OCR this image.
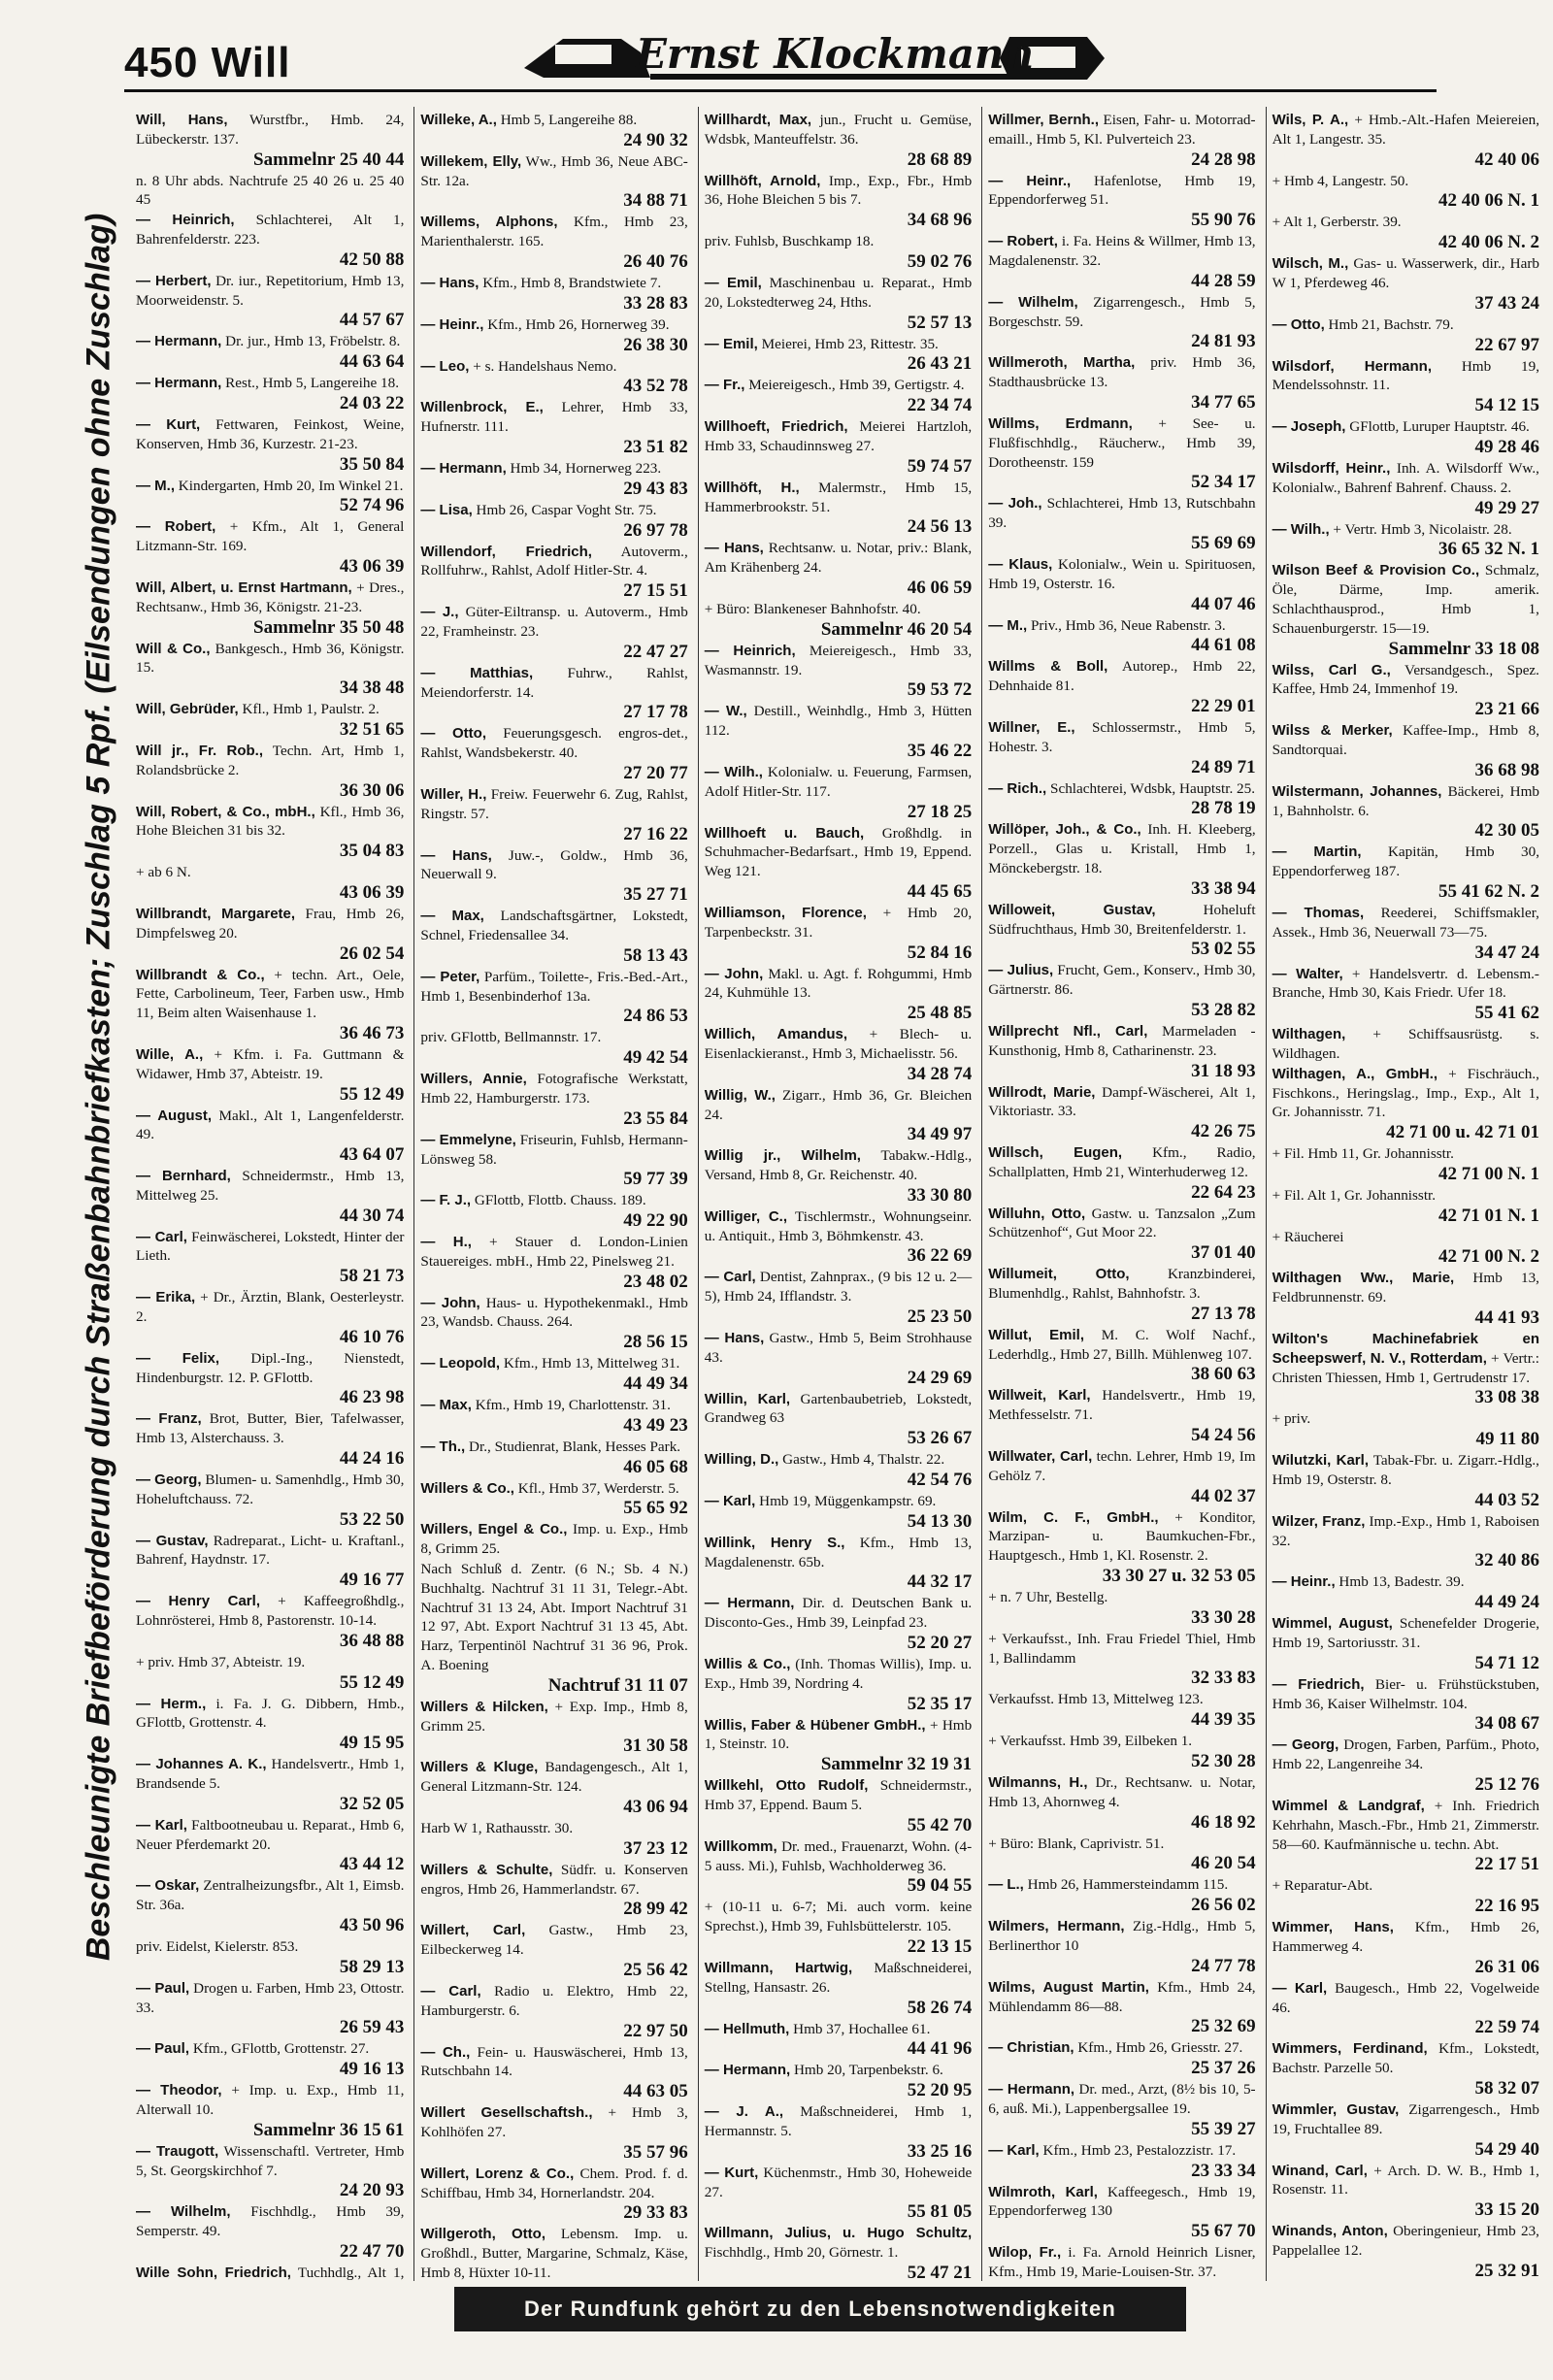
450 Will	Ernst Klockmann
Beschleunigte Briefbeförderung durch Straßenbahnbriefkasten; Zuschlag 5 Rpf. (Eilsendungen ohne Zuschlag)
Will, Hans, Wurstfbr., Hmb. 24, Lübeckerstr. 137.
Sammelnr 25 40 44
n. 8 Uhr abds. Nachtrufe 25 40 26 u. 25 40 45
— Heinrich, Schlachterei, Alt 1, Bahrenfelderstr. 223.
42 50 88
— Herbert, Dr. iur., Repetitorium, Hmb 13, Moorweidenstr. 5.
44 57 67
— Hermann, Dr. jur., Hmb 13, Fröbelstr. 8.
44 63 64
— Hermann, Rest., Hmb 5, Langereihe 18.
24 03 22
— Kurt, Fettwaren, Feinkost, Weine, Konserven, Hmb 36, Kurzestr. 21-23.
35 50 84
— M., Kindergarten, Hmb 20, Im Winkel 21.
52 74 96
— Robert, + Kfm., Alt 1, General Litzmann-Str. 169.
43 06 39
Will, Albert, u. Ernst Hartmann, + Dres., Rechtsanw., Hmb 36, Königstr. 21-23.
Sammelnr 35 50 48
Will & Co., Bankgesch., Hmb 36, Königstr. 15.
34 38 48
Will, Gebrüder, Kfl., Hmb 1, Paulstr. 2.
32 51 65
Will jr., Fr. Rob., Techn. Art, Hmb 1, Rolandsbrücke 2.
36 30 06
Will, Robert, & Co., mbH., Kfl., Hmb 36, Hohe Bleichen 31 bis 32.
35 04 83
+ ab 6 N.
43 06 39
Willbrandt, Margarete, Frau, Hmb 26, Dimpfelsweg 20.
26 02 54
Willbrandt & Co., + techn. Art., Oele, Fette, Carbolineum, Teer, Farben usw., Hmb 11, Beim alten Waisenhause 1.
36 46 73
Wille, A., + Kfm. i. Fa. Guttmann & Widawer, Hmb 37, Abteistr. 19.
55 12 49
— August, Makl., Alt 1, Langenfelderstr. 49.
43 64 07
— Bernhard, Schneidermstr., Hmb 13, Mittelweg 25.
44 30 74
— Carl, Feinwäscherei, Lokstedt, Hinter der Lieth.
58 21 73
— Erika, + Dr., Ärztin, Blank, Oesterleystr. 2.
46 10 76
— Felix, Dipl.-Ing., Nienstedt, Hindenburgstr. 12. P. GFlottb.
46 23 98
— Franz, Brot, Butter, Bier, Tafelwasser, Hmb 13, Alsterchauss. 3.
44 24 16
— Georg, Blumen- u. Samenhdlg., Hmb 30, Hoheluftchauss. 72.
53 22 50
— Gustav, Radreparat., Licht- u. Kraftanl., Bahrenf, Haydnstr. 17.
49 16 77
— Henry Carl, + Kaffeegroßhdlg., Lohnrösterei, Hmb 8, Pastorenstr. 10-14.
36 48 88
+ priv. Hmb 37, Abteistr. 19.
55 12 49
— Herm., i. Fa. J. G. Dibbern, Hmb., GFlottb, Grottenstr. 4.
49 15 95
— Johannes A. K., Handelsvertr., Hmb 1, Brandsende 5.
32 52 05
— Karl, Faltbootneubau u. Reparat., Hmb 6, Neuer Pferdemarkt 20.
43 44 12
— Oskar, Zentralheizungsfbr., Alt 1, Eimsb. Str. 36a.
43 50 96
priv. Eidelst, Kielerstr. 853.
58 29 13
— Paul, Drogen u. Farben, Hmb 23, Ottostr. 33.
26 59 43
— Paul, Kfm., GFlottb, Grottenstr. 27.
49 16 13
— Theodor, + Imp. u. Exp., Hmb 11, Alterwall 10.
Sammelnr 36 15 61
— Traugott, Wissenschaftl. Vertreter, Hmb 5, St. Georgskirchhof 7.
24 20 93
— Wilhelm, Fischhdlg., Hmb 39, Semperstr. 49.
22 47 70
Wille Sohn, Friedrich, Tuchhdlg., Alt 1,
Willeke, A., Hmb 5, Langereihe 88.
24 90 32
Willekem, Elly, Ww., Hmb 36, Neue ABC-Str. 12a.
34 88 71
Willems, Alphons, Kfm., Hmb 23, Marienthalerstr. 165.
26 40 76
— Hans, Kfm., Hmb 8, Brandstwiete 7.
33 28 83
— Heinr., Kfm., Hmb 26, Hornerweg 39.
26 38 30
— Leo, + s. Handelshaus Nemo.
43 52 78
Willenbrock, E., Lehrer, Hmb 33, Hufnerstr. 111.
23 51 82
— Hermann, Hmb 34, Hornerweg 223.
29 43 83
— Lisa, Hmb 26, Caspar Voght Str. 75.
26 97 78
Willendorf, Friedrich, Autoverm., Rollfuhrw., Rahlst, Adolf Hitler-Str. 4.
27 15 51
— J., Güter-Eiltransp. u. Autoverm., Hmb 22, Framheinstr. 23.
22 47 27
— Matthias, Fuhrw., Rahlst, Meiendorferstr. 14.
27 17 78
— Otto, Feuerungsgesch. engros-det., Rahlst, Wandsbekerstr. 40.
27 20 77
Willer, H., Freiw. Feuerwehr 6. Zug, Rahlst, Ringstr. 57.
27 16 22
— Hans, Juw.-, Goldw., Hmb 36, Neuerwall 9.
35 27 71
— Max, Landschaftsgärtner, Lokstedt, Schnel, Friedensallee 34.
58 13 43
— Peter, Parfüm., Toilette-, Fris.-Bed.-Art., Hmb 1, Besenbinderhof 13a.
24 86 53
priv. GFlottb, Bellmannstr. 17.
49 42 54
Willers, Annie, Fotografische Werkstatt, Hmb 22, Hamburgerstr. 173.
23 55 84
— Emmelyne, Friseurin, Fuhlsb, Hermann-Lönsweg 58.
59 77 39
— F. J., GFlottb, Flottb. Chauss. 189.
49 22 90
— H., + Stauer d. London-Linien Stauereiges. mbH., Hmb 22, Pinelsweg 21.
23 48 02
— John, Haus- u. Hypothekenmakl., Hmb 23, Wandsb. Chauss. 264.
28 56 15
— Leopold, Kfm., Hmb 13, Mittelweg 31.
44 49 34
— Max, Kfm., Hmb 19, Charlottenstr. 31.
43 49 23
— Th., Dr., Studienrat, Blank, Hesses Park.
46 05 68
Willers & Co., Kfl., Hmb 37, Werderstr. 5.
55 65 92
Willers, Engel & Co., Imp. u. Exp., Hmb 8, Grimm 25.
Nach Schluß d. Zentr. (6 N.; Sb. 4 N.) Buchhaltg. Nachtruf 31 11 31, Telegr.-Abt. Nachtruf 31 13 24, Abt. Import Nachtruf 31 12 97, Abt. Export Nachtruf 31 13 45, Abt. Harz, Terpentinöl Nachtruf 31 36 96, Prok. A. Boening
Nachtruf 31 11 07
Willers & Hilcken, + Exp. Imp., Hmb 8, Grimm 25.
31 30 58
Willers & Kluge, Bandagengesch., Alt 1, General Litzmann-Str. 124.
43 06 94
Harb W 1, Rathausstr. 30.
37 23 12
Willers & Schulte, Südfr. u. Konserven engros, Hmb 26, Hammerlandstr. 67.
28 99 42
Willert, Carl, Gastw., Hmb 23, Eilbeckerweg 14.
25 56 42
— Carl, Radio u. Elektro, Hmb 22, Hamburgerstr. 6.
22 97 50
— Ch., Fein- u. Hauswäscherei, Hmb 13, Rutschbahn 14.
44 63 05
Willert Gesellschaftsh., + Hmb 3, Kohlhöfen 27.
35 57 96
Willert, Lorenz & Co., Chem. Prod. f. d. Schiffbau, Hmb 34, Hornerlandstr. 204.
29 33 83
Willgeroth, Otto, Lebensm. Imp. u. Großhdl., Butter, Margarine, Schmalz, Käse, Hmb 8, Hüxter 10-11.
Willhardt, Max, jun., Frucht u. Gemüse, Wdsbk, Manteuffelstr. 36.
28 68 89
Willhöft, Arnold, Imp., Exp., Fbr., Hmb 36, Hohe Bleichen 5 bis 7.
34 68 96
priv. Fuhlsb, Buschkamp 18.
59 02 76
— Emil, Maschinenbau u. Reparat., Hmb 20, Lokstedterweg 24, Hths.
52 57 13
— Emil, Meierei, Hmb 23, Rittestr. 35.
26 43 21
— Fr., Meiereigesch., Hmb 39, Gertigstr. 4.
22 34 74
Willhoeft, Friedrich, Meierei Hartzloh, Hmb 33, Schaudinnsweg 27.
59 74 57
Willhöft, H., Malermstr., Hmb 15, Hammerbrookstr. 51.
24 56 13
— Hans, Rechtsanw. u. Notar, priv.: Blank, Am Krähenberg 24.
46 06 59
+ Büro: Blankeneser Bahnhofstr. 40.
Sammelnr 46 20 54
— Heinrich, Meiereigesch., Hmb 33, Wasmannstr. 19.
59 53 72
— W., Destill., Weinhdlg., Hmb 3, Hütten 112.
35 46 22
— Wilh., Kolonialw. u. Feuerung, Farmsen, Adolf Hitler-Str. 117.
27 18 25
Willhoeft u. Bauch, Großhdlg. in Schuhmacher-Bedarfsart., Hmb 19, Eppend. Weg 121.
44 45 65
Williamson, Florence, + Hmb 20, Tarpenbeckstr. 31.
52 84 16
— John, Makl. u. Agt. f. Rohgummi, Hmb 24, Kuhmühle 13.
25 48 85
Willich, Amandus, + Blech- u. Eisenlackieranst., Hmb 3, Michaelisstr. 56.
34 28 74
Willig, W., Zigarr., Hmb 36, Gr. Bleichen 24.
34 49 97
Willig jr., Wilhelm, Tabakw.-Hdlg., Versand, Hmb 8, Gr. Reichenstr. 40.
33 30 80
Williger, C., Tischlermstr., Wohnungseinr. u. Antiquit., Hmb 3, Böhmkenstr. 43.
36 22 69
— Carl, Dentist, Zahnprax., (9 bis 12 u. 2—5), Hmb 24, Ifflandstr. 3.
25 23 50
— Hans, Gastw., Hmb 5, Beim Strohhause 43.
24 29 69
Willin, Karl, Gartenbaubetrieb, Lokstedt, Grandweg 63
53 26 67
Willing, D., Gastw., Hmb 4, Thalstr. 22.
42 54 76
— Karl, Hmb 19, Müggenkampstr. 69.
54 13 30
Willink, Henry S., Kfm., Hmb 13, Magdalenenstr. 65b.
44 32 17
— Hermann, Dir. d. Deutschen Bank u. Disconto-Ges., Hmb 39, Leinpfad 23.
52 20 27
Willis & Co., (Inh. Thomas Willis), Imp. u. Exp., Hmb 39, Nordring 4.
52 35 17
Willis, Faber & Hübener GmbH., + Hmb 1, Steinstr. 10.
Sammelnr 32 19 31
Willkehl, Otto Rudolf, Schneidermstr., Hmb 37, Eppend. Baum 5.
55 42 70
Willkomm, Dr. med., Frauenarzt, Wohn. (4-5 auss. Mi.), Fuhlsb, Wachholderweg 36.
59 04 55
+ (10-11 u. 6-7; Mi. auch vorm. keine Sprechst.), Hmb 39, Fuhlsbüttelerstr. 105.
22 13 15
Willmann, Hartwig, Maßschneiderei, Stellng, Hansastr. 26.
58 26 74
— Hellmuth, Hmb 37, Hochallee 61.
44 41 96
— Hermann, Hmb 20, Tarpenbekstr. 6.
52 20 95
— J. A., Maßschneiderei, Hmb 1, Hermannstr. 5.
33 25 16
— Kurt, Küchenmstr., Hmb 30, Hoheweide 27.
55 81 05
Willmann, Julius, u. Hugo Schultz, Fischhdlg., Hmb 20, Görnestr. 1.
52 47 21
Willmer, Bernh., Eisen, Fahr- u. Motorrad- emaill., Hmb 5, Kl. Pulverteich 23.
24 28 98
— Heinr., Hafenlotse, Hmb 19, Eppendorferweg 51.
55 90 76
— Robert, i. Fa. Heins & Willmer, Hmb 13, Magdalenenstr. 32.
44 28 59
— Wilhelm, Zigarrengesch., Hmb 5, Borgeschstr. 59.
24 81 93
Willmeroth, Martha, priv. Hmb 36, Stadthausbrücke 13.
34 77 65
Willms, Erdmann, + See- u. Flußfischhdlg., Räucherw., Hmb 39, Dorotheenstr. 159
52 34 17
— Joh., Schlachterei, Hmb 13, Rutschbahn 39.
55 69 69
— Klaus, Kolonialw., Wein u. Spirituosen, Hmb 19, Osterstr. 16.
44 07 46
— M., Priv., Hmb 36, Neue Rabenstr. 3.
44 61 08
Willms & Boll, Autorep., Hmb 22, Dehnhaide 81.
22 29 01
Willner, E., Schlossermstr., Hmb 5, Hohestr. 3.
24 89 71
— Rich., Schlachterei, Wdsbk, Hauptstr. 25.
28 78 19
Willöper, Joh., & Co., Inh. H. Kleeberg, Porzell., Glas u. Kristall, Hmb 1, Mönckebergstr. 18.
33 38 94
Willoweit, Gustav,	Hoheluft Südfruchthaus, Hmb 30, Breitenfelderstr. 1.
53 02 55
— Julius, Frucht, Gem., Konserv., Hmb 30, Gärtnerstr. 86.
53 28 82
Willprecht Nfl., Carl, Marmeladen - Kunsthonig, Hmb 8, Catharinenstr. 23.
31 18 93
Willrodt, Marie, Dampf-Wäscherei, Alt 1, Viktoriastr. 33.
42 26 75
Willsch, Eugen, Kfm., Radio, Schallplatten, Hmb 21, Winterhuderweg 12.
22 64 23
Willuhn, Otto, Gastw. u. Tanzsalon „Zum Schützenhof“, Gut Moor 22.
37 01 40
Willumeit, Otto,	Kranzbinderei, Blumenhdlg., Rahlst, Bahnhofstr. 3.
27 13 78
Willut, Emil, M. C. Wolf Nachf., Lederhdlg., Hmb 27, Billh. Mühlenweg 107.
38 60 63
Willweit, Karl, Handelsvertr., Hmb 19, Methfesselstr. 71.
54 24 56
Willwater, Carl, techn. Lehrer, Hmb 19, Im Gehölz 7.
44 02 37
Wilm, C. F., GmbH., + Konditor, Marzipan- u. Baumkuchen-Fbr., Hauptgesch., Hmb 1, Kl. Rosenstr. 2.
33 30 27 u. 32 53 05
+ n. 7 Uhr, Bestellg.
33 30 28
+ Verkaufsst., Inh. Frau Friedel Thiel, Hmb 1, Ballindamm
32 33 83
Verkaufsst. Hmb 13, Mittelweg 123.
44 39 35
+ Verkaufsst. Hmb 39, Eilbeken 1.
52 30 28
Wilmanns, H., Dr., Rechtsanw. u. Notar, Hmb 13, Ahornweg 4.
46 18 92
+ Büro: Blank, Caprivistr. 51.
46 20 54
— L., Hmb 26, Hammersteindamm 115.
26 56 02
Wilmers, Hermann, Zig.-Hdlg., Hmb 5, Berlinerthor 10
24 77 78
Wilms, August Martin, Kfm., Hmb 24, Mühlendamm 86—88.
25 32 69
— Christian, Kfm., Hmb 26, Griesstr. 27.
25 37 26
— Hermann, Dr. med., Arzt, (8½ bis 10, 5-6, auß. Mi.), Lappenbergsallee 19.
55 39 27
— Karl, Kfm., Hmb 23, Pestalozzistr. 17.
23 33 34
Wilmroth, Karl, Kaffeegesch., Hmb 19, Eppendorferweg 130
55 67 70
Wilop, Fr., i. Fa. Arnold Heinrich Lisner, Kfm., Hmb 19, Marie-Louisen-Str. 37.
Wils, P. A., + Hmb.-Alt.-Hafen Meiereien, Alt 1, Langestr. 35.
42 40 06
+ Hmb 4, Langestr. 50.
42 40 06 N. 1
+ Alt 1, Gerberstr. 39.
42 40 06 N. 2
Wilsch, M., Gas- u. Wasserwerk, dir., Harb W 1, Pferdeweg 46.
37 43 24
— Otto, Hmb 21, Bachstr. 79.
22 67 97
Wilsdorf, Hermann, Hmb 19, Mendelssohnstr. 11.
54 12 15
— Joseph, GFlottb, Luruper Hauptstr. 46.
49 28 46
Wilsdorff, Heinr., Inh. A. Wilsdorff Ww., Kolonialw., Bahrenf Bahrenf. Chauss. 2.
49 29 27
— Wilh., + Vertr. Hmb 3, Nicolaistr. 28.
36 65 32 N. 1
Wilson Beef & Provision Co., Schmalz, Öle, Därme, Imp. amerik. Schlachthausprod., Hmb 1, Schauenburgerstr. 15—19.
Sammelnr 33 18 08
Wilss, Carl G., Versandgesch., Spez. Kaffee, Hmb 24, Immenhof 19.
23 21 66
Wilss & Merker, Kaffee-Imp., Hmb 8, Sandtorquai.
36 68 98
Wilstermann, Johannes, Bäckerei, Hmb 1, Bahnholstr. 6.
42 30 05
— Martin, Kapitän, Hmb 30, Eppendorferweg 187.
55 41 62 N. 2
— Thomas, Reederei, Schiffsmakler, Assek., Hmb 36, Neuerwall 73—75.
34 47 24
— Walter, + Handelsvertr. d. Lebensm.-Branche, Hmb 30, Kais Friedr. Ufer 18.
55 41 62
Wilthagen, + Schiffsausrüstg. s. Wildhagen.
Wilthagen, A., GmbH., + Fischräuch., Fischkons., Heringslag., Imp., Exp., Alt 1, Gr. Johannisstr. 71.
42 71 00 u. 42 71 01
+ Fil. Hmb 11, Gr. Johannisstr.
42 71 00 N. 1
+ Fil. Alt 1, Gr. Johannisstr.
42 71 01 N. 1
+ Räucherei
42 71 00 N. 2
Wilthagen Ww., Marie, Hmb 13, Feldbrunnenstr. 69.
44 41 93
Wilton's Machinefabriek en Scheepswerf, N. V., Rotterdam, + Vertr.: Christen Thiessen, Hmb 1, Gertrudenstr 17.
33 08 38
+ priv.
49 11 80
Wilutzki, Karl, Tabak-Fbr. u. Zigarr.-Hdlg., Hmb 19, Osterstr. 8.
44 03 52
Wilzer, Franz, Imp.-Exp., Hmb 1, Raboisen 32.
32 40 86
— Heinr., Hmb 13, Badestr. 39.
44 49 24
Wimmel, August, Schenefelder Drogerie, Hmb 19, Sartoriusstr. 31.
54 71 12
— Friedrich, Bier- u. Frühstückstuben, Hmb 36, Kaiser Wilhelmstr. 104.
34 08 67
— Georg, Drogen, Farben, Parfüm., Photo, Hmb 22, Langenreihe 34.
25 12 76
Wimmel & Landgraf, + Inh. Friedrich Kehrhahn, Masch.-Fbr., Hmb 21, Zimmerstr. 58—60. Kaufmännische u. techn. Abt.
22 17 51
+ Reparatur-Abt.
22 16 95
Wimmer, Hans, Kfm., Hmb 26, Hammerweg 4.
26 31 06
— Karl, Baugesch., Hmb 22, Vogelweide 46.
22 59 74
Wimmers, Ferdinand, Kfm., Lokstedt, Bachstr. Parzelle 50.
58 32 07
Wimmler, Gustav, Zigarrengesch., Hmb 19, Fruchtallee 89.
54 29 40
Winand, Carl, + Arch. D. W. B., Hmb 1, Rosenstr. 11.
33 15 20
Winands, Anton, Oberingenieur, Hmb 23, Pappelallee 12.
25 32 91
Der Rundfunk gehört zu den Lebensnotwendigkeiten
